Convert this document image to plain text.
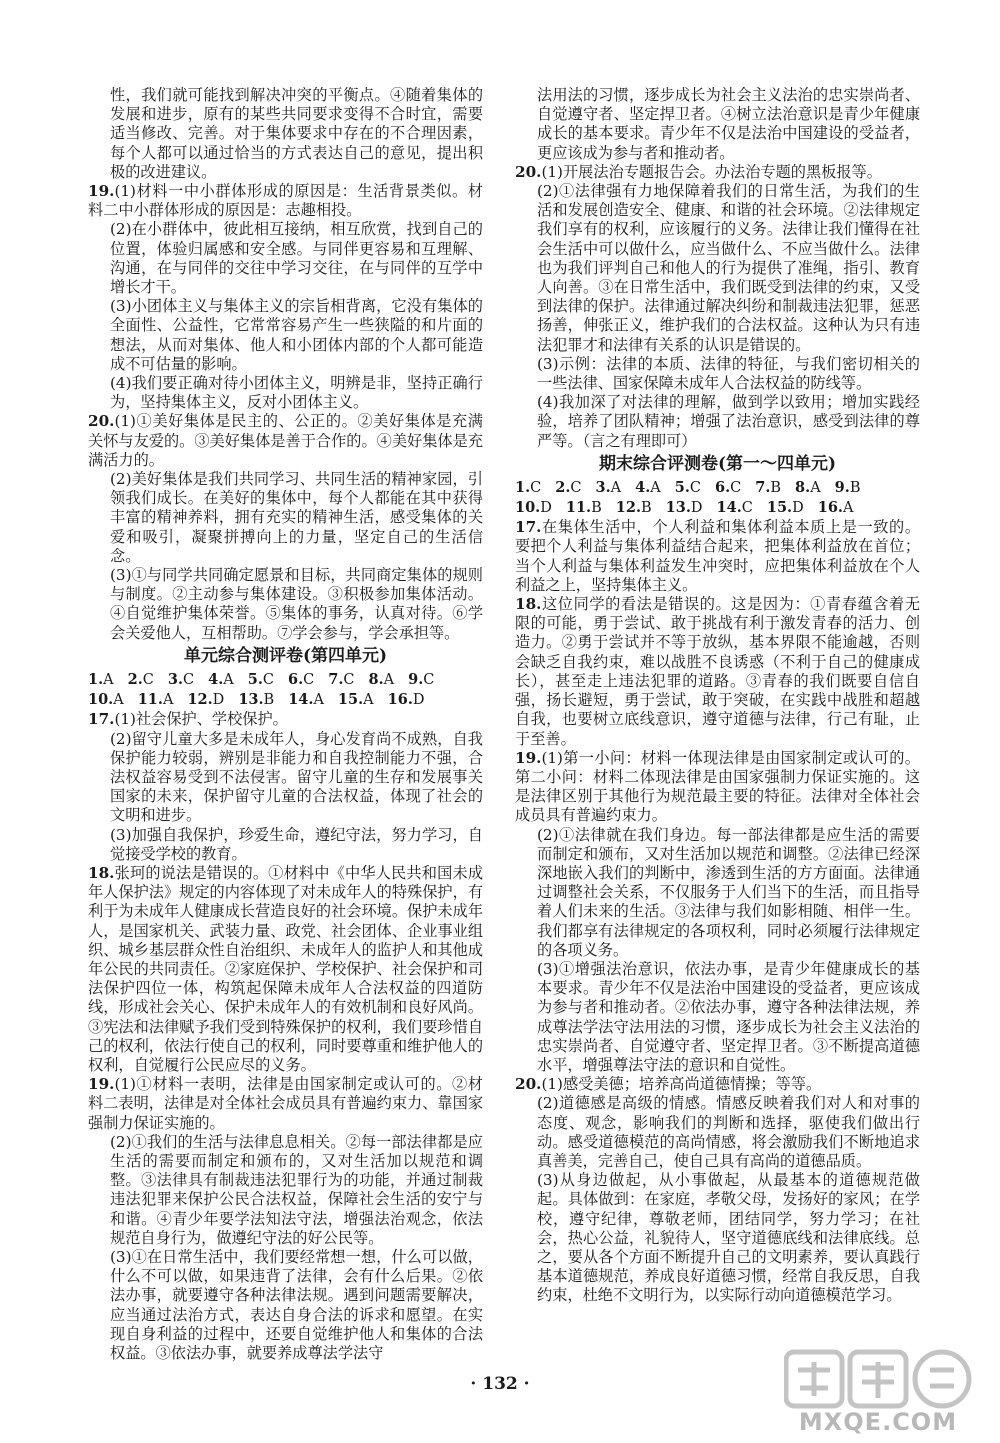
性，我们就可能找到解决冲突的平衡点。④随着集体的发展和进步，原有的某些共同要求变得不合时宜，需要适当修改、完善。对于集体要求中存在的不合理因素，每个人都可以通过恰当的方式表达自己的意见，提出积极的改进建议。

19.(1)材料一中小群体形成的原因是：生活背景类似。材料二中小群体形成的原因是：志趣相投。

(2)在小群体中，彼此相互接纳，相互欣赏，找到自己的位置，体验归属感和安全感。与同伴更容易和互理解、沟通，在与同伴的交往中学习交往，在与同伴的互学中增长才干。

(3)小团体主义与集体主义的宗旨相背离，它没有集体的全面性、公益性，它常常容易产生一些狭隘的和片面的想法，从而对集体、他人和小团体内部的个人都可能造成不可估量的影响。

(4)我们要正确对待小团体主义，明辨是非，坚持正确行为，坚持集体主义，反对小团体主义。

20.(1)①美好集体是民主的、公正的。②美好集体是充满关怀与友爱的。③美好集体是善于合作的。④美好集体是充满活力的。

(2)美好集体是我们共同学习、共同生活的精神家园，引领我们成长。在美好的集体中，每个人都能在其中获得丰富的精神养料，拥有充实的精神生活，感受集体的关爱和吸引，凝聚拼搏向上的力量，坚定自己的生活信念。

(3)①与同学共同确定愿景和目标，共同商定集体的规则与制度。②主动参与集体建设。③积极参加集体活动。④自觉维护集体荣誉。⑤集体的事务，认真对待。⑥学会关爱他人，互相帮助。⑦学会参与，学会承担等。

单元综合测评卷(第四单元)
1.A 2.C 3.C 4.A 5.C 6.C 7.C 8.A 9.C
10.A 11.A 12.D 13.B 14.A 15.A 16.D

17.(1)社会保护、学校保护。

(2)留守儿童大多是未成年人，身心发育尚不成熟，自我保护能力较弱，辨别是非能力和自我控制能力不强，合法权益容易受到不法侵害。留守儿童的生存和发展事关国家的未来，保护留守儿童的合法权益，体现了社会的文明和进步。

(3)加强自我保护，珍爱生命，遵纪守法，努力学习，自觉接受学校的教育。

18.张珂的说法是错误的。①材料中《中华人民共和国未成年人保护法》规定的内容体现了对未成年人的特殊保护，有利于为未成年人健康成长营造良好的社会环境。保护未成年人，是国家机关、武装力量、政党、社会团体、企业事业组织、城乡基层群众性自治组织、未成年人的监护人和其他成年公民的共同责任。②家庭保护、学校保护、社会保护和司法保护四位一体，构筑起保障未成年人合法权益的四道防线，形成社会关心、保护未成年人的有效机制和良好风尚。③宪法和法律赋予我们受到特殊保护的权利，我们要珍惜自己的权利，依法行使自己的权利，同时要尊重和维护他人的权利，自觉履行公民应尽的义务。

19.(1)①材料一表明，法律是由国家制定或认可的。②材料二表明，法律是对全体社会成员具有普遍约束力、靠国家强制力保证实施的。

(2)①我们的生活与法律息息相关。②每一部法律都是应生活的需要而制定和颁布的，又对生活加以规范和调整。③法律具有制裁违法犯罪行为的功能，并通过制裁违法犯罪来保护公民合法权益，保障社会生活的安宁与和谐。④青少年要学法知法守法，增强法治观念，依法规范自身行为，做遵纪守法的好公民等。

(3)①在日常生活中，我们要经常想一想，什么可以做，什么不可以做，如果违背了法律，会有什么后果。②依法办事，就要遵守各种法律法规。遇到问题需要解决，应当通过法治方式，表达自身合法的诉求和愿望。在实现自身利益的过程中，还要自觉维护他人和集体的合法权益。③依法办事，就要养成尊法学法守

法用法的习惯，逐步成长为社会主义法治的忠实崇尚者、自觉遵守者、坚定捍卫者。④树立法治意识是青少年健康成长的基本要求。青少年不仅是法治中国建设的受益者，更应该成为参与者和推动者。

20.(1)开展法治专题报告会。办法治专题的黑板报等。

(2)①法律强有力地保障着我们的日常生活，为我们的生活和发展创造安全、健康、和谐的社会环境。②法律规定我们享有的权利，应该履行的义务。法律让我们懂得在社会生活中可以做什么，应当做什么、不应当做什么。法律也为我们评判自己和他人的行为提供了准绳，指引、教育人向善。③在日常生活中，我们既受到法律的约束，又受到法律的保护。法律通过解决纠纷和制裁违法犯罪，惩恶扬善，伸张正义，维护我们的合法权益。这种认为只有违法犯罪才和法律有关系的认识是错误的。

(3)示例：法律的本质、法律的特征，与我们密切相关的一些法律、国家保障未成年人合法权益的防线等。

(4)我加深了对法律的理解，做到学以致用；增加实践经验，培养了团队精神；增强了法治意识，感受到法律的尊严等。（言之有理即可）

期末综合评测卷(第一～四单元)
1.C 2.C 3.A 4.A 5.C 6.C 7.B 8.A 9.B
10.D 11.B 12.B 13.D 14.C 15.D 16.A

17.在集体生活中，个人利益和集体利益本质上是一致的。要把个人利益与集体利益结合起来，把集体利益放在首位；当个人利益与集体利益发生冲突时，应把集体利益放在个人利益之上，坚持集体主义。

18.这位同学的看法是错误的。这是因为：①青春蕴含着无限的可能，勇于尝试、敢于挑战有利于激发青春的活力、创造力。②勇于尝试并不等于放纵，基本界限不能逾越，否则会缺乏自我约束，难以战胜不良诱惑（不利于自己的健康成长），甚至走上违法犯罪的道路。③青春的我们既要自信自强，扬长避短，勇于尝试，敢于突破，在实践中战胜和超越自我，也要树立底线意识，遵守道德与法律，行己有耻，止于至善。

19.(1)第一小问：材料一体现法律是由国家制定或认可的。第二小问：材料二体现法律是由国家强制力保证实施的。这是法律区别于其他行为规范最主要的特征。法律对全体社会成员具有普遍约束力。

(2)①法律就在我们身边。每一部法律都是应生活的需要而制定和颁布，又对生活加以规范和调整。②法律已经深深地嵌入我们的判断中，渗透到生活的方方面面。法律通过调整社会关系，不仅服务于人们当下的生活，而且指导着人们未来的生活。③法律与我们如影相随、相伴一生。我们都享有法律规定的各项权利，同时必须履行法律规定的各项义务。

(3)①增强法治意识，依法办事，是青少年健康成长的基本要求。青少年不仅是法治中国建设的受益者，更应该成为参与者和推动者。②依法办事，遵守各种法律法规，养成尊法学法守法用法的习惯，逐步成长为社会主义法治的忠实崇尚者、自觉遵守者、坚定捍卫者。③不断提高道德水平，增强尊法守法的意识和自觉性。

20.(1)感受美德；培养高尚道德情操；等等。

(2)道德感是高级的情感。情感反映着我们对人和对事的态度、观念，影响我们的判断和选择，驱使我们做出行动。感受道德模范的高尚情感，将会激励我们不断地追求真善美，完善自己，使自己具有高尚的道德品质。

(3)从身边做起，从小事做起，从最基本的道德规范做起。具体做到：在家庭，孝敬父母，发扬好的家风；在学校，遵守纪律，尊敬老师，团结同学，努力学习；在社会，热心公益，礼貌待人，坚守道德底线和法律底线。总之，要从各个方面不断提升自己的文明素养，要认真践行基本道德规范，养成良好道德习惯，经常自我反思，自我约束，杜绝不文明行为，以实际行动向道德模范学习。

· 132 ·
MXQE.COM
